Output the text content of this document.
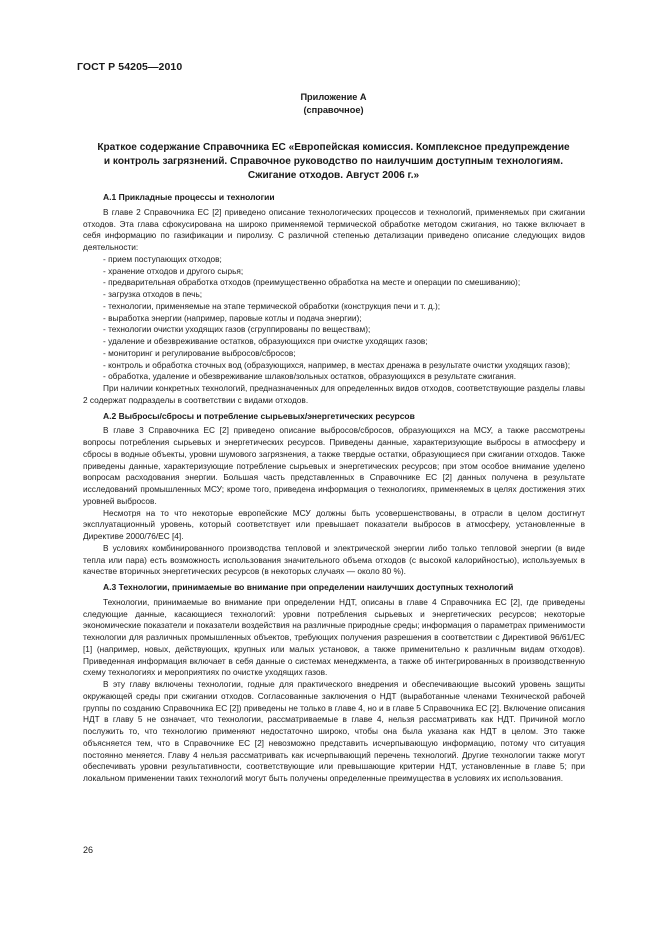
ГОСТ Р 54205—2010
Приложение А
(справочное)
Краткое содержание Справочника ЕС «Европейская комиссия. Комплексное предупреждение
и контроль загрязнений. Справочное руководство по наилучшим доступным технологиям.
Сжигание отходов. Август 2006 г.»
А.1 Прикладные процессы и технологии

В главе 2 Справочника ЕС [2] приведено описание технологических процессов и технологий, применяемых при сжигании отходов. Эта глава сфокусирована на широко применяемой термической обработке методом сжигания, но также включает в себя информацию по газификации и пиролизу. С различной степенью детализации приведено описание следующих видов деятельности:

- прием поступающих отходов;

- хранение отходов и другого сырья;

- предварительная обработка отходов (преимущественно обработка на месте и операции по смешиванию);

- загрузка отходов в печь;

- технологии, применяемые на этапе термической обработки (конструкция печи и т. д.);

- выработка энергии (например, паровые котлы и подача энергии);

- технологии очистки уходящих газов (сгруппированы по веществам);

- удаление и обезвреживание остатков, образующихся при очистке уходящих газов;

- мониторинг и регулирование выбросов/сбросов;

- контроль и обработка сточных вод (образующихся, например, в местах дренажа в результате очистки уходящих газов);

- обработка, удаление и обезвреживание шлаков/зольных остатков, образующихся в результате сжигания.

При наличии конкретных технологий, предназначенных для определенных видов отходов, соответствующие разделы главы 2 содержат подразделы в соответствии с видами отходов.

А.2 Выбросы/сбросы и потребление сырьевых/энергетических ресурсов

В главе 3 Справочника ЕС [2] приведено описание выбросов/сбросов, образующихся на МСУ, а также рассмотрены вопросы потребления сырьевых и энергетических ресурсов. Приведены данные, характеризующие выбросы в атмосферу и сбросы в водные объекты, уровни шумового загрязнения, а также твердые остатки, образующиеся при сжигании отходов. Также приведены данные, характеризующие потребление сырьевых и энергетических ресурсов; при этом особое внимание уделено вопросам расходования энергии. Большая часть представленных в Справочнике ЕС [2] данных получена в результате исследований промышленных МСУ; кроме того, приведена информация о технологиях, применяемых в целях достижения этих уровней выбросов.

Несмотря на то что некоторые европейские МСУ должны быть усовершенствованы, в отрасли в целом достигнут эксплуатационный уровень, который соответствует или превышает показатели выбросов в атмосферу, установленные в Директиве 2000/76/ЕС [4].

В условиях комбинированного производства тепловой и электрической энергии либо только тепловой энергии (в виде тепла или пара) есть возможность использования значительного объема отходов (с высокой калорийностью), используемых в качестве вторичных энергетических ресурсов (в некоторых случаях — около 80 %).

А.3 Технологии, принимаемые во внимание при определении наилучших доступных технологий

Технологии, принимаемые во внимание при определении НДТ, описаны в главе 4 Справочника ЕС [2], где приведены следующие данные, касающиеся технологий: уровни потребления сырьевых и энергетических ресурсов; некоторые экономические показатели и показатели воздействия на различные природные среды; информация о параметрах применимости технологии для различных промышленных объектов, требующих получения разрешения в соответствии с Директивой 96/61/ЕС [1] (например, новых, действующих, крупных или малых установок, а также применительно к различным видам отходов). Приведенная информация включает в себя данные о системах менеджмента, а также об интегрированных в производственную схему технологиях и мероприятиях по очистке уходящих газов.

В эту главу включены технологии, годные для практического внедрения и обеспечивающие высокий уровень защиты окружающей среды при сжигании отходов. Согласованные заключения о НДТ (выработанные членами Технической рабочей группы по созданию Справочника ЕС [2]) приведены не только в главе 4, но и в главе 5 Справочника ЕС [2]. Включение описания НДТ в главу 5 не означает, что технологии, рассматриваемые в главе 4, нельзя рассматривать как НДТ. Причиной могло послужить то, что технологию применяют недостаточно широко, чтобы она была указана как НДТ в целом. Это также объясняется тем, что в Справочнике ЕС [2] невозможно представить исчерпывающую информацию, потому что ситуация постоянно меняется. Главу 4 нельзя рассматривать как исчерпывающий перечень технологий. Другие технологии также могут обеспечивать уровни результативности, соответствующие или превышающие критерии НДТ, установленные в главе 5; при локальном применении таких технологий могут быть получены определенные преимущества в условиях их использования.

26
